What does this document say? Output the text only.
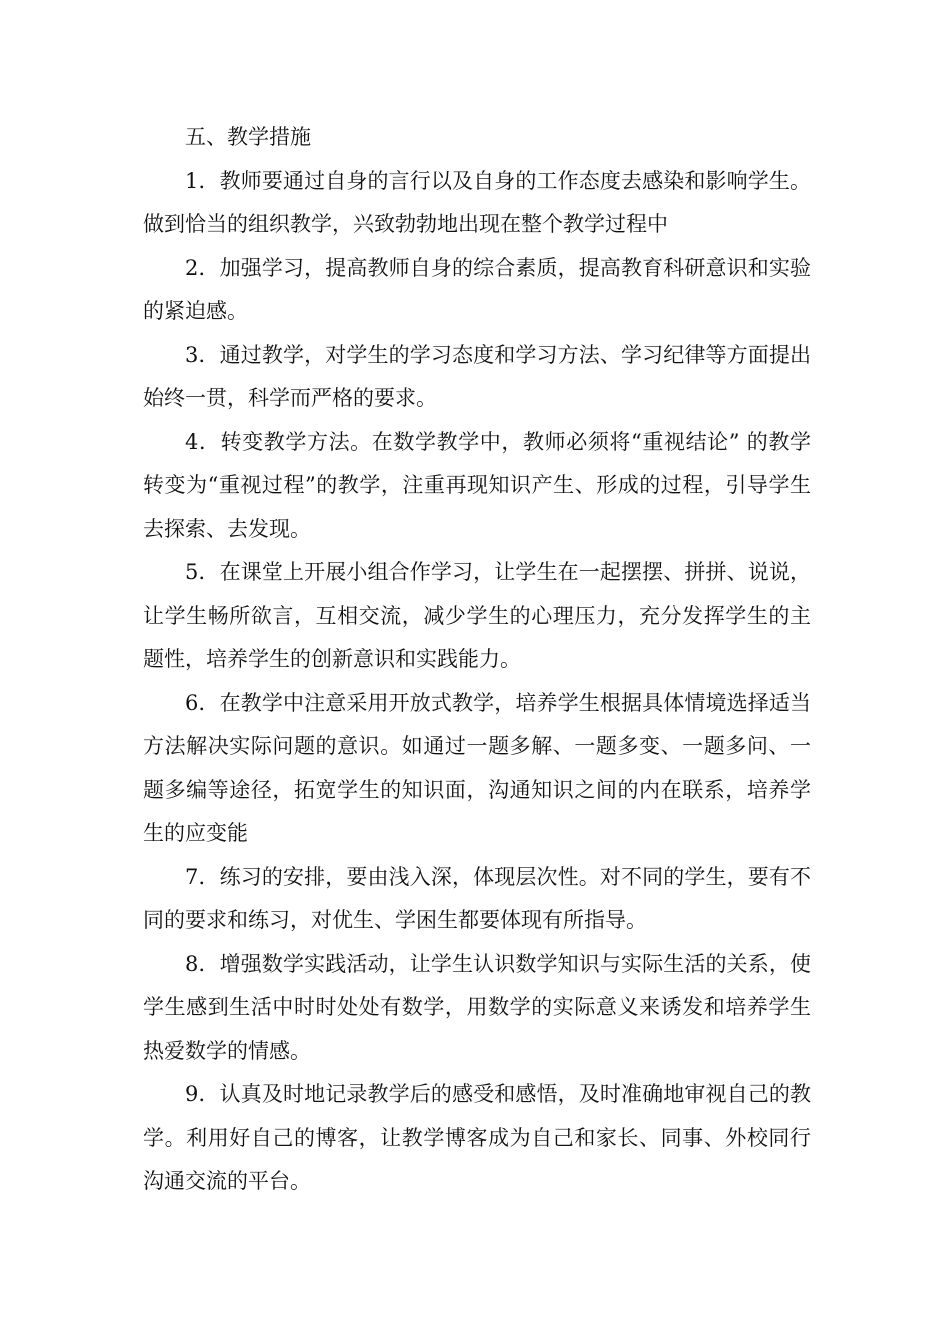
五、教学措施

1．教师要通过自身的言行以及自身的工作态度去感染和影响学生。做到恰当的组织教学，兴致勃勃地出现在整个教学过程中

2．加强学习，提高教师自身的综合素质，提高教育科研意识和实验的紧迫感。

3．通过教学，对学生的学习态度和学习方法、学习纪律等方面提出始终一贯，科学而严格的要求。

4．转变教学方法。在数学教学中，教师必须将“重视结论” 的教学转变为“重视过程”的教学，注重再现知识产生、形成的过程，引导学生去探索、去发现。

5．在课堂上开展小组合作学习，让学生在一起摆摆、拼拼、说说，让学生畅所欲言，互相交流，减少学生的心理压力，充分发挥学生的主题性，培养学生的创新意识和实践能力。

6．在教学中注意采用开放式教学，培养学生根据具体情境选择适当方法解决实际问题的意识。如通过一题多解、一题多变、一题多问、一题多编等途径，拓宽学生的知识面，沟通知识之间的内在联系，培养学生的应变能

7．练习的安排，要由浅入深，体现层次性。对不同的学生，要有不同的要求和练习，对优生、学困生都要体现有所指导。

8．增强数学实践活动，让学生认识数学知识与实际生活的关系，使学生感到生活中时时处处有数学，用数学的实际意义来诱发和培养学生热爱数学的情感。

9．认真及时地记录教学后的感受和感悟，及时准确地审视自己的教学。利用好自己的博客，让教学博客成为自己和家长、同事、外校同行沟通交流的平台。
